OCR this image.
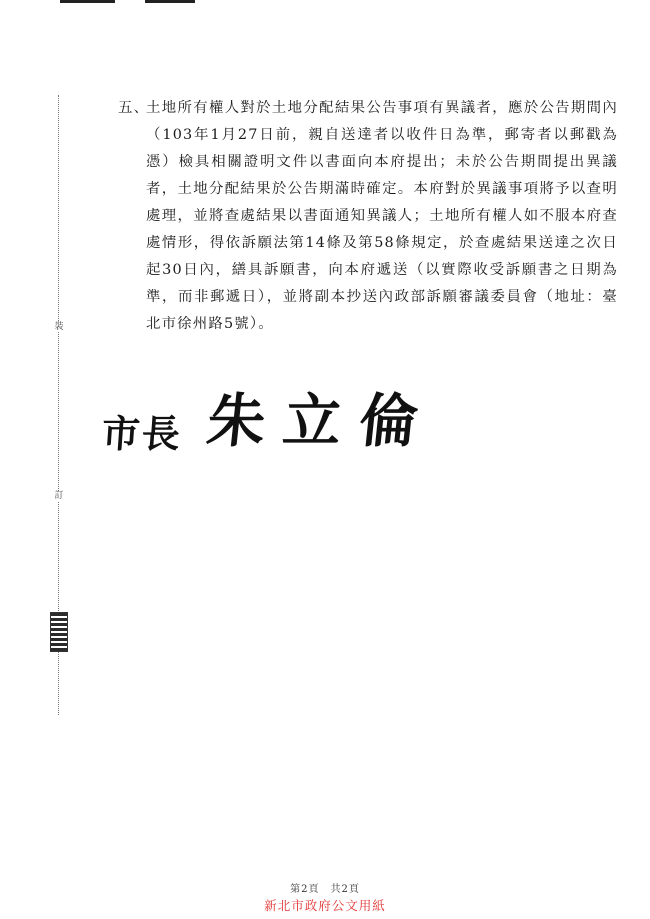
裝
訂

五、
土地所有權人對於土地分配結果公告事項有異議者，應於公告期間內（103年1月27日前，親自送達者以收件日為準，郵寄者以郵戳為憑）檢具相關證明文件以書面向本府提出；未於公告期間提出異議者，土地分配結果於公告期滿時確定。本府對於異議事項將予以查明處理，並將查處結果以書面通知異議人；土地所有權人如不服本府查處情形，得依訴願法第14條及第58條規定，於查處結果送達之次日起30日內，繕具訴願書，向本府遞送（以實際收受訴願書之日期為準，而非郵遞日），並將副本抄送內政部訴願審議委員會（地址：臺北市徐州路5號）。

市長 朱立倫
第2頁　共2頁
新北市政府公文用紙
